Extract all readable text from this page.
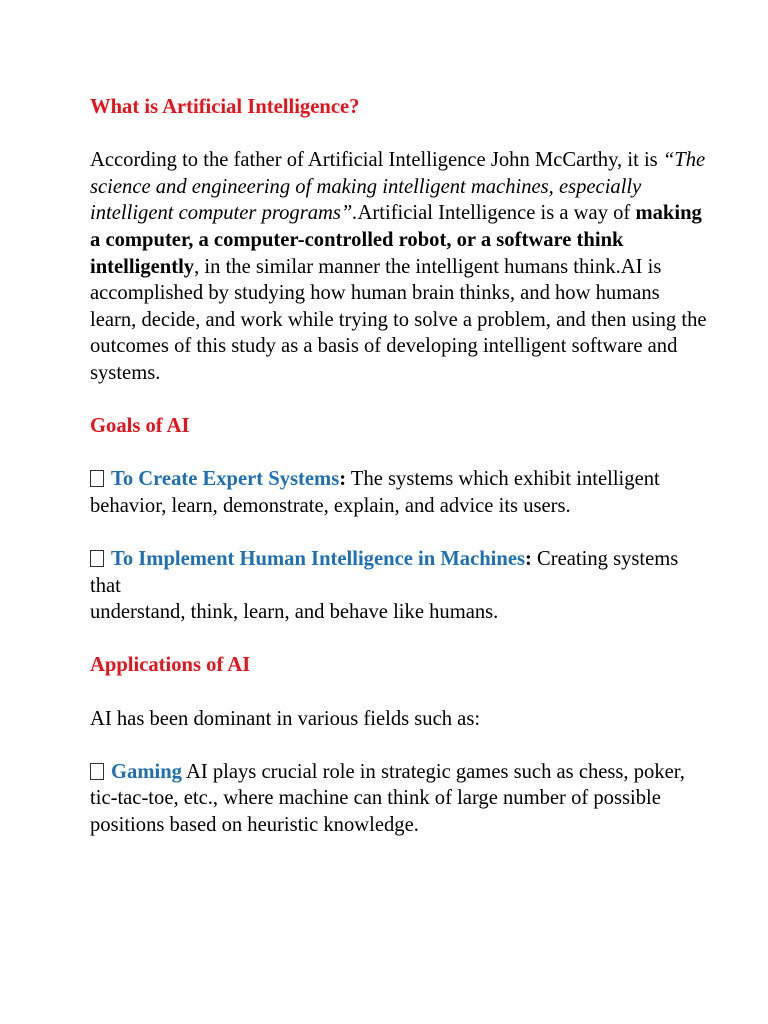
What is Artificial Intelligence?

According to the father of Artificial Intelligence John McCarthy, it is “The science and engineering of making intelligent machines, especially intelligent computer programs”.Artificial Intelligence is a way of making a computer, a computer-controlled robot, or a software think intelligently, in the similar manner the intelligent humans think.AI is accomplished by studying how human brain thinks, and how humans learn, decide, and work while trying to solve a problem, and then using the outcomes of this study as a basis of developing intelligent software and systems.

Goals of AI

To Create Expert Systems: The systems which exhibit intelligent behavior, learn, demonstrate, explain, and advice its users.

To Implement Human Intelligence in Machines: Creating systems that
understand, think, learn, and behave like humans.

Applications of AI

AI has been dominant in various fields such as:

Gaming AI plays crucial role in strategic games such as chess, poker, tic-tac-toe, etc., where machine can think of large number of possible positions based on heuristic knowledge.
